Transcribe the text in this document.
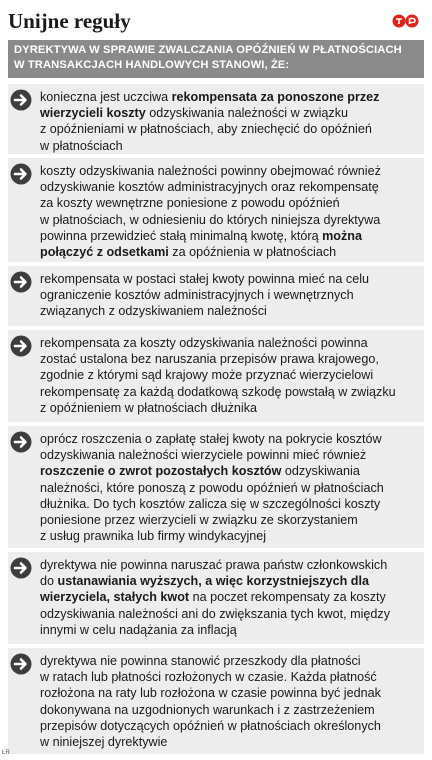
Unijne reguły
DYREKTYWA W SPRAWIE ZWALCZANIA OPÓŹNIEŃ W PŁATNOŚCIACH
W TRANSAKCJACH HANDLOWYCH STANOWI, ŻE:
konieczna jest uczciwa rekompensata za ponoszone przez
wierzycieli koszty odzyskiwania należności w związku
z opóźnieniami w płatnościach, aby zniechęcić do opóźnień
w płatnościach
koszty odzyskiwania należności powinny obejmować również
odzyskiwanie kosztów administracyjnych oraz rekompensatę
za koszty wewnętrzne poniesione z powodu opóźnień
w płatnościach, w odniesieniu do których niniejsza dyrektywa
powinna przewidzieć stałą minimalną kwotę, którą można
połączyć z odsetkami za opóźnienia w płatnościach
rekompensata w postaci stałej kwoty powinna mieć na celu
ograniczenie kosztów administracyjnych i wewnętrznych
związanych z odzyskiwaniem należności
rekompensata za koszty odzyskiwania należności powinna
zostać ustalona bez naruszania przepisów prawa krajowego,
zgodnie z którymi sąd krajowy może przyznać wierzycielowi
rekompensatę za każdą dodatkową szkodę powstałą w związku
z opóźnieniem w płatnościach dłużnika
oprócz roszczenia o zapłatę stałej kwoty na pokrycie kosztów
odzyskiwania należności wierzyciele powinni mieć również
roszczenie o zwrot pozostałych kosztów odzyskiwania
należności, które ponoszą z powodu opóźnień w płatnościach
dłużnika. Do tych kosztów zalicza się w szczególności koszty
poniesione przez wierzycieli w związku ze skorzystaniem
z usług prawnika lub firmy windykacyjnej
dyrektywa nie powinna naruszać prawa państw członkowskich
do ustanawiania wyższych, a więc korzystniejszych dla
wierzyciela, stałych kwot na poczet rekompensaty za koszty
odzyskiwania należności ani do zwiększania tych kwot, między
innymi w celu nadążania za inflacją
dyrektywa nie powinna stanowić przeszkody dla płatności
w ratach lub płatności rozłożonych w czasie. Każda płatność
rozłożona na raty lub rozłożona w czasie powinna być jednak
dokonywana na uzgodnionych warunkach i z zastrzeżeniem
przepisów dotyczących opóźnień w płatnościach określonych
w niniejszej dyrektywie
ŁR
